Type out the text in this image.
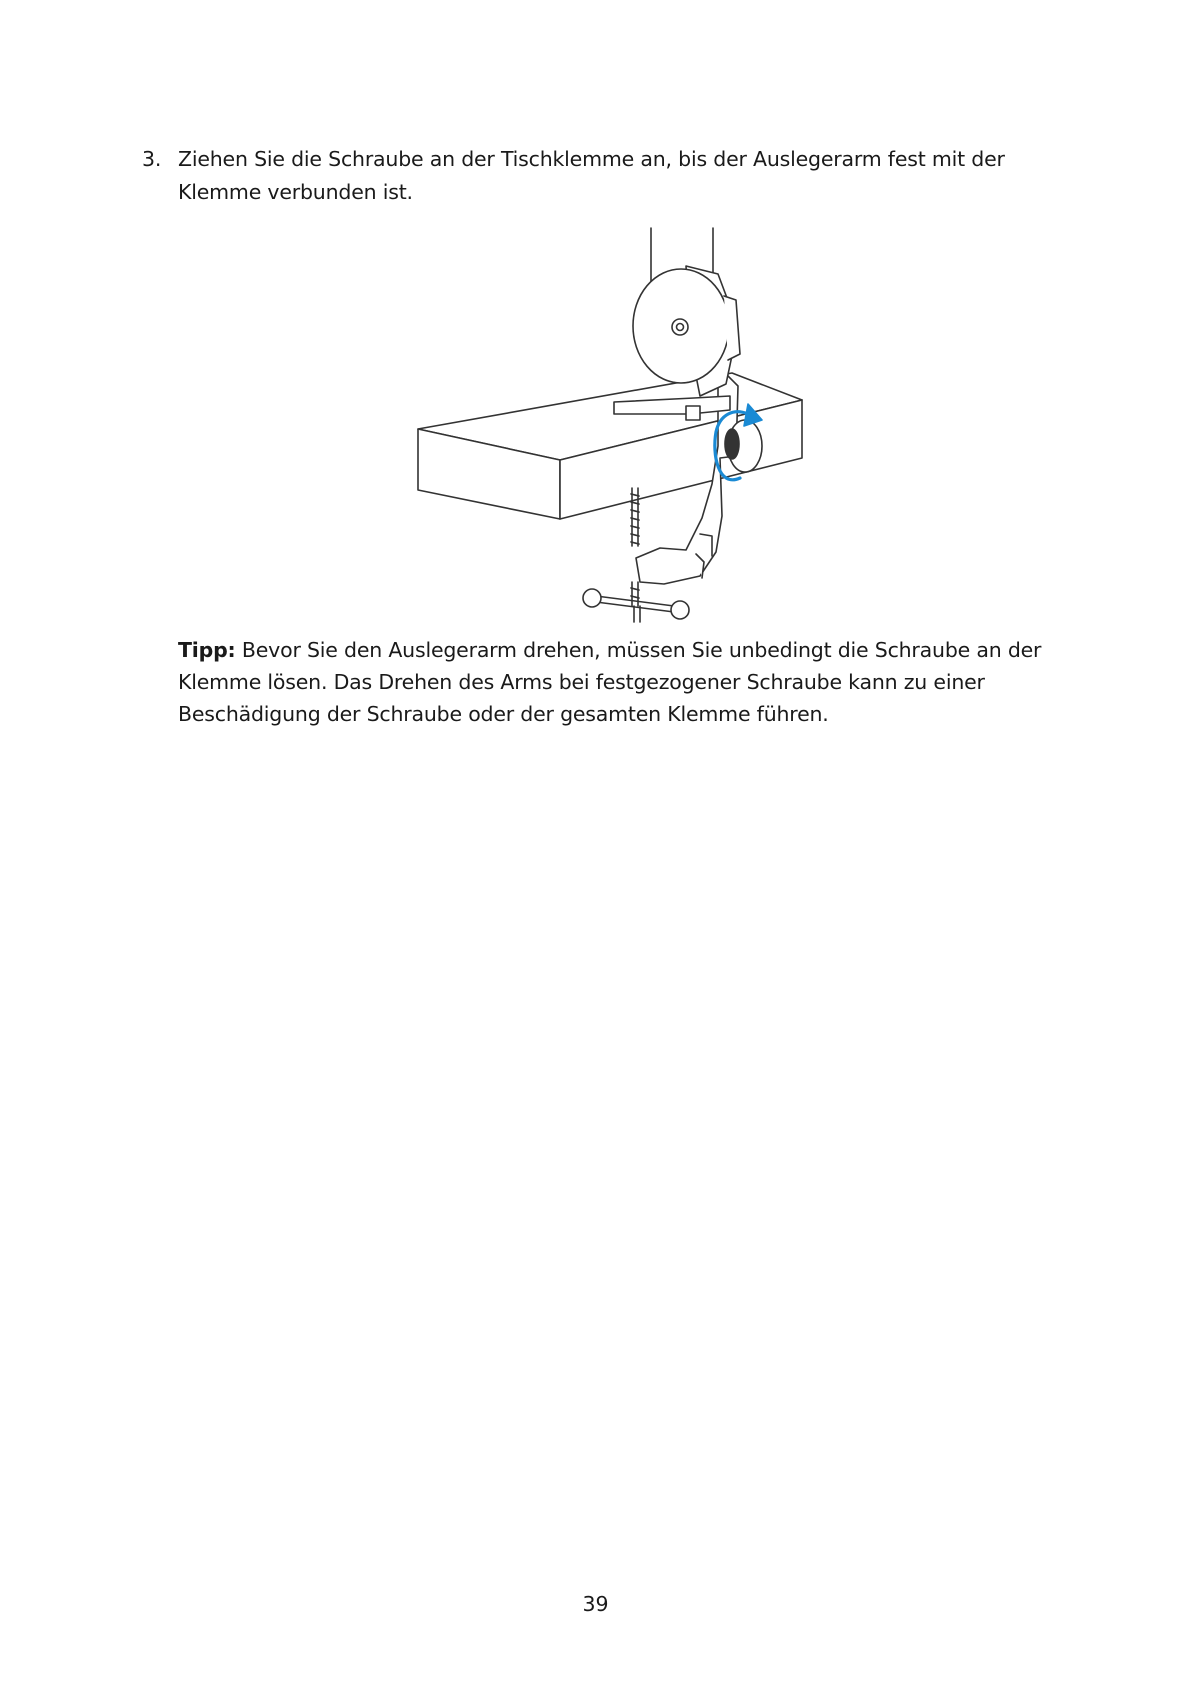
3. Ziehen Sie die Schraube an der Tischklemme an, bis der Auslegerarm fest mit der Klemme verbunden ist.
Tipp: Bevor Sie den Auslegerarm drehen, müssen Sie unbedingt die Schraube an der Klemme lösen. Das Drehen des Arms bei festgezogener Schraube kann zu einer Beschädigung der Schraube oder der gesamten Klemme führen.
39
